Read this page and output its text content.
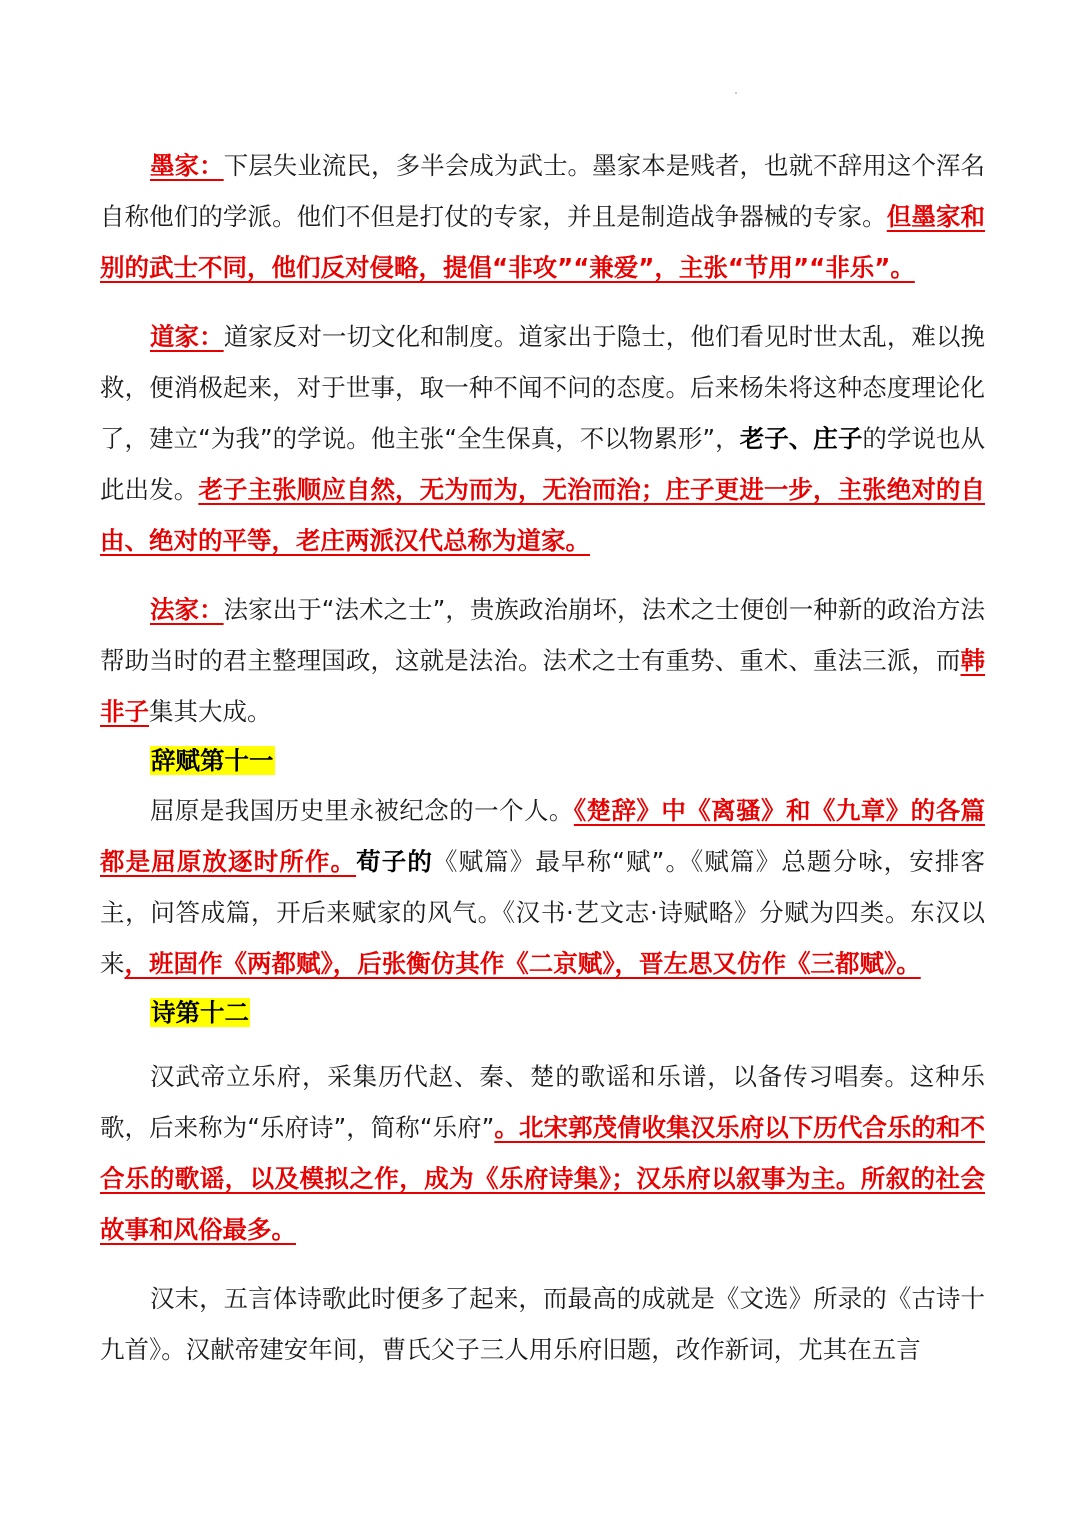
墨家：下层失业流民，多半会成为武士。墨家本是贱者，也就不辞用这个浑名自称他们的学派。他们不但是打仗的专家，并且是制造战争器械的专家。但墨家和别的武士不同，他们反对侵略，提倡“非攻”“兼爱”，主张“节用”“非乐”。

道家：道家反对一切文化和制度。道家出于隐士，他们看见时世太乱，难以挽救，便消极起来，对于世事，取一种不闻不问的态度。后来杨朱将这种态度理论化了，建立“为我”的学说。他主张“全生保真，不以物累形”，老子、庄子的学说也从此出发。老子主张顺应自然，无为而为，无治而治；庄子更进一步，主张绝对的自由、绝对的平等，老庄两派汉代总称为道家。

法家：法家出于“法术之士”，贵族政治崩坏，法术之士便创一种新的政治方法帮助当时的君主整理国政，这就是法治。法术之士有重势、重术、重法三派，而韩非子集其大成。

辞赋第十一

屈原是我国历史里永被纪念的一个人。《楚辞》中《离骚》和《九章》的各篇都是屈原放逐时所作。荀子的《赋篇》最早称“赋”。《赋篇》总题分咏，安排客主，问答成篇，开后来赋家的风气。《汉书·艺文志·诗赋略》分赋为四类。东汉以来，班固作《两都赋》，后张衡仿其作《二京赋》，晋左思又仿作《三都赋》。

诗第十二

汉武帝立乐府，采集历代赵、秦、楚的歌谣和乐谱，以备传习唱奏。这种乐歌，后来称为“乐府诗”，简称“乐府”。北宋郭茂倩收集汉乐府以下历代合乐的和不合乐的歌谣，以及模拟之作，成为《乐府诗集》；汉乐府以叙事为主。所叙的社会故事和风俗最多。

汉末，五言体诗歌此时便多了起来，而最高的成就是《文选》所录的《古诗十九首》。汉献帝建安年间，曹氏父子三人用乐府旧题，改作新词，尤其在五言
